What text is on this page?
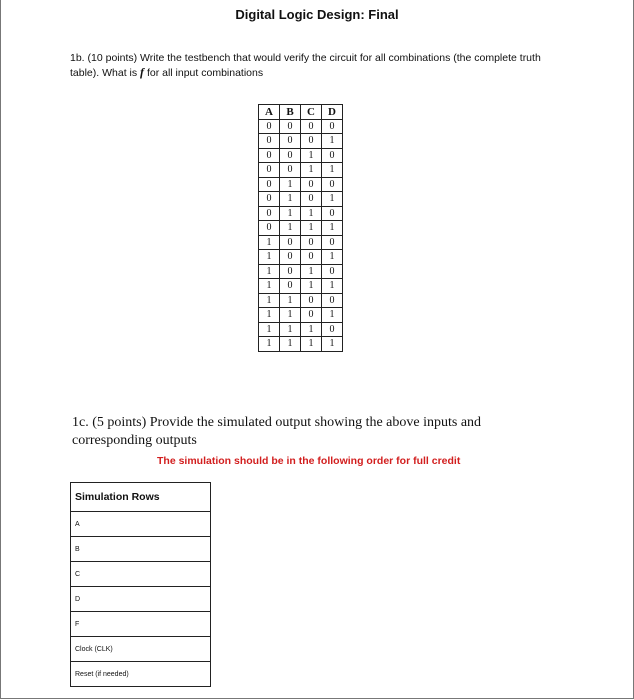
Digital Logic Design: Final
1b. (10 points) Write the testbench that would verify the circuit for all combinations (the complete truth table). What is f for all input combinations
A	B	C	D
0	0	0	0
0	0	0	1
0	0	1	0
0	0	1	1
0	1	0	0
0	1	0	1
0	1	1	0
0	1	1	1
1	0	0	0
1	0	0	1
1	0	1	0
1	0	1	1
1	1	0	0
1	1	0	1
1	1	1	0
1	1	1	1
1c. (5 points) Provide the simulated output showing the above inputs and corresponding outputs
The simulation should be in the following order for full credit
Simulation Rows
A
B
C
D
F
Clock (CLK)
Reset (if needed)
